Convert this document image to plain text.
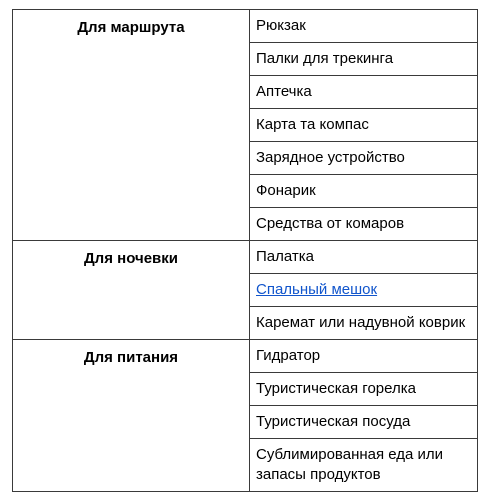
Для маршрута	Рюкзак
	Палки для трекинга
	Аптечка
	Карта та компас
	Зарядное устройство
	Фонарик
	Средства от комаров
Для ночевки	Палатка
	Спальный мешок
	Каремат или надувной коврик
Для питания	Гидратор
	Туристическая горелка
	Туристическая посуда
	Сублимированная еда или запасы продуктов
